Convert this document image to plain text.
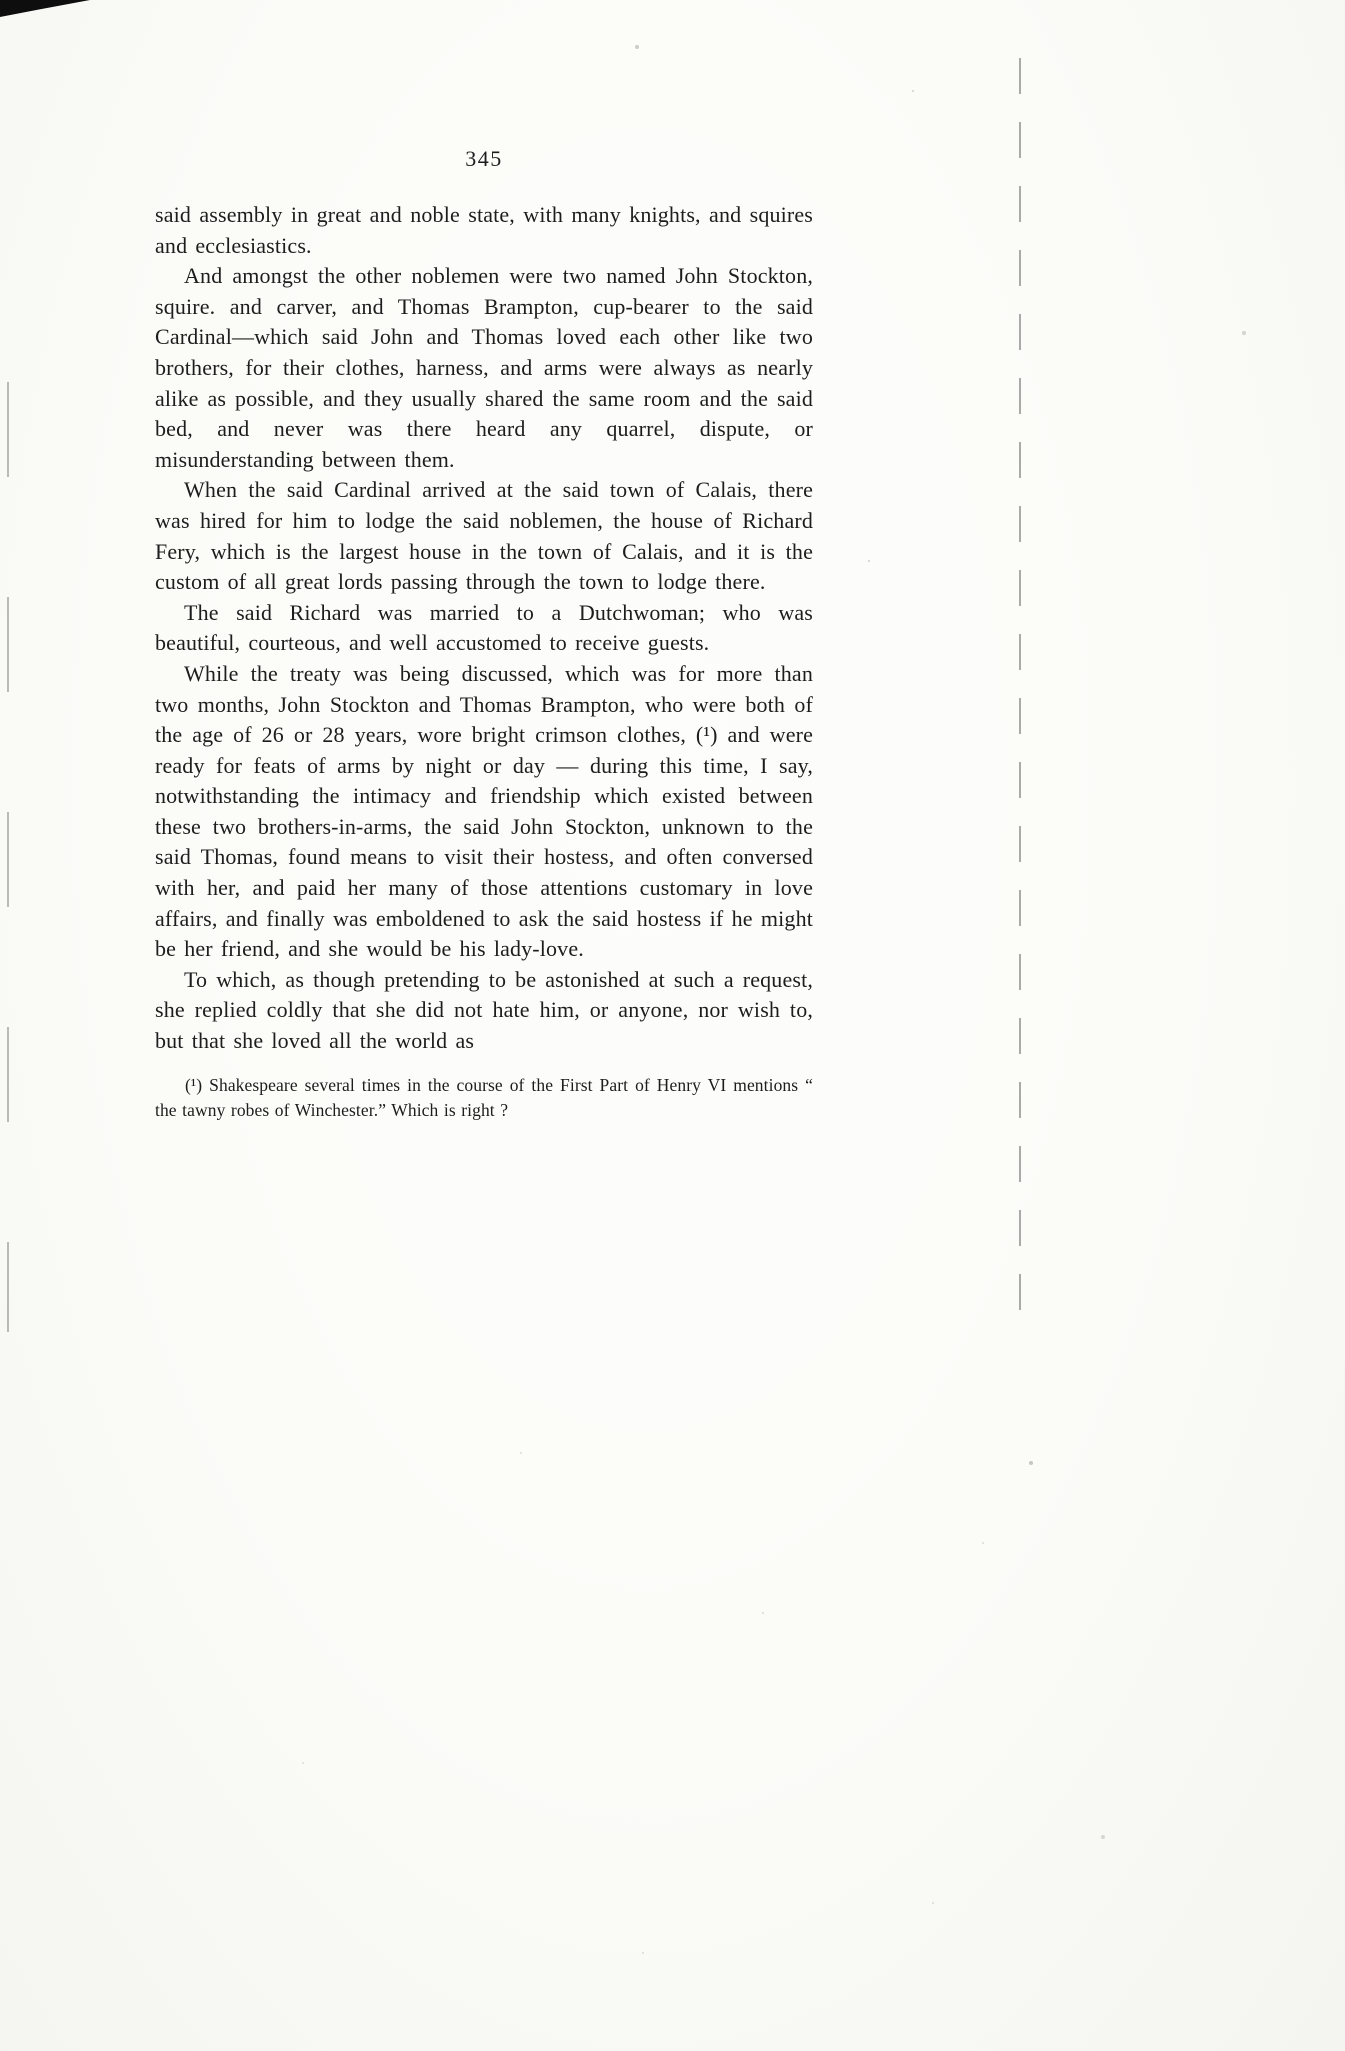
345

said assembly in great and noble state, with many knights, and squires and ecclesiastics.

And amongst the other noblemen were two named John Stockton, squire. and carver, and Thomas Brampton, cup-bearer to the said Cardinal—which said John and Thomas loved each other like two brothers, for their clothes, harness, and arms were always as nearly alike as possible, and they usually shared the same room and the said bed, and never was there heard any quarrel, dispute, or misunderstanding between them.

When the said Cardinal arrived at the said town of Calais, there was hired for him to lodge the said noblemen, the house of Richard Fery, which is the largest house in the town of Calais, and it is the custom of all great lords passing through the town to lodge there.

The said Richard was married to a Dutchwoman; who was beautiful, courteous, and well accustomed to receive guests.

While the treaty was being discussed, which was for more than two months, John Stockton and Thomas Brampton, who were both of the age of 26 or 28 years, wore bright crimson clothes, (¹) and were ready for feats of arms by night or day — during this time, I say, notwithstanding the intimacy and friendship which existed between these two brothers-in-arms, the said John Stockton, unknown to the said Thomas, found means to visit their hostess, and often conversed with her, and paid her many of those attentions customary in love affairs, and finally was emboldened to ask the said hostess if he might be her friend, and she would be his lady-love.

To which, as though pretending to be astonished at such a request, she replied coldly that she did not hate him, or anyone, nor wish to, but that she loved all the world as

(¹) Shakespeare several times in the course of the First Part of Henry VI mentions “ the tawny robes of Winchester.” Which is right ?
